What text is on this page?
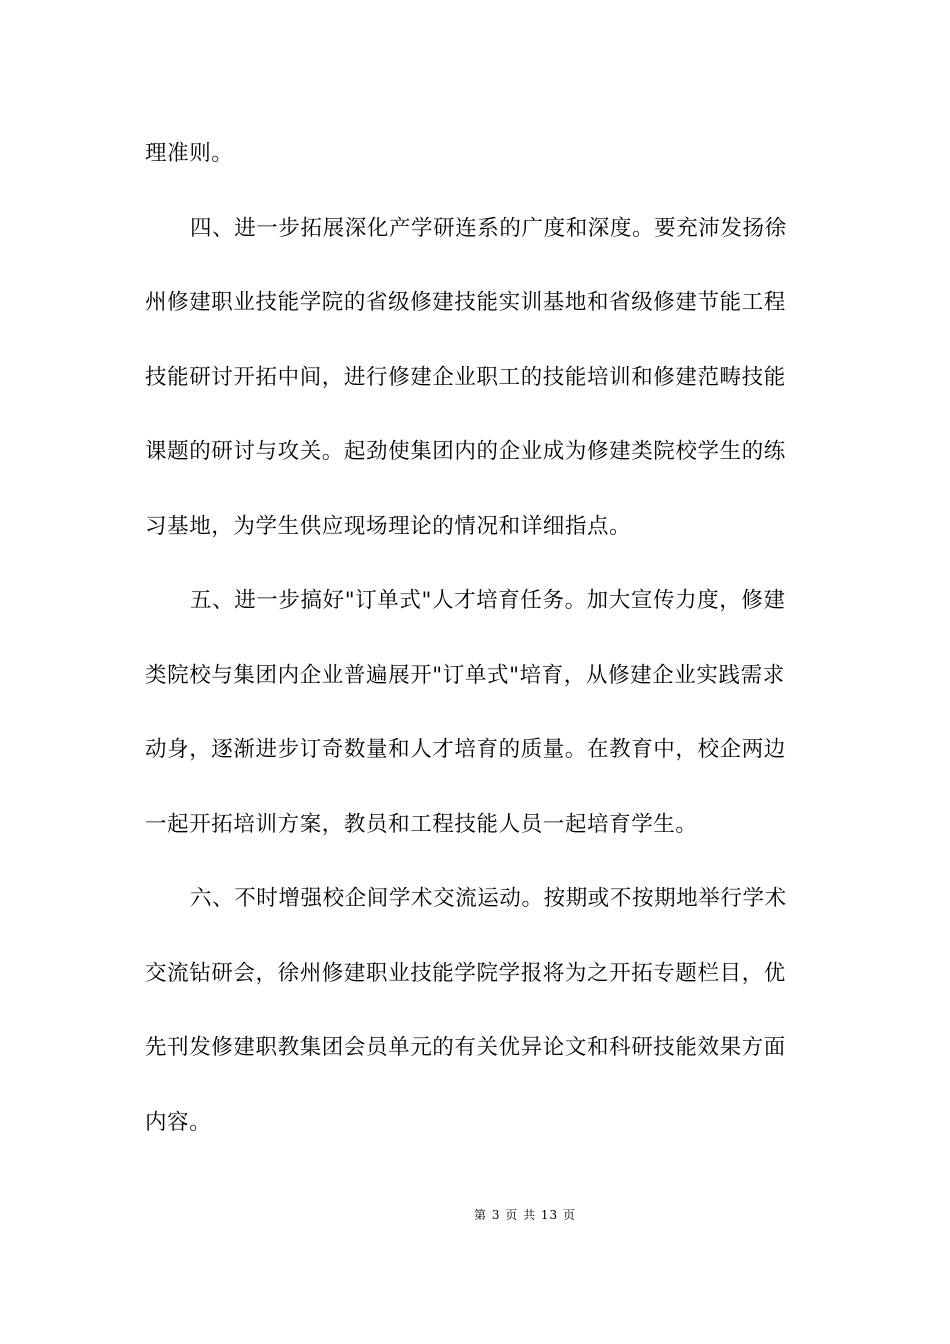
理准则。
四、进一步拓展深化产学研连系的广度和深度。要充沛发扬徐
州修建职业技能学院的省级修建技能实训基地和省级修建节能工程
技能研讨开拓中间，进行修建企业职工的技能培训和修建范畴技能
课题的研讨与攻关。起劲使集团内的企业成为修建类院校学生的练
习基地，为学生供应现场理论的情况和详细指点。
五、进一步搞好"订单式"人才培育任务。加大宣传力度，修建
类院校与集团内企业普遍展开"订单式"培育，从修建企业实践需求
动身，逐渐进步订奇数量和人才培育的质量。在教育中，校企两边
一起开拓培训方案，教员和工程技能人员一起培育学生。
六、不时增强校企间学术交流运动。按期或不按期地举行学术
交流钻研会，徐州修建职业技能学院学报将为之开拓专题栏目，优
先刊发修建职教集团会员单元的有关优异论文和科研技能效果方面
内容。
第 3 页 共 13 页
